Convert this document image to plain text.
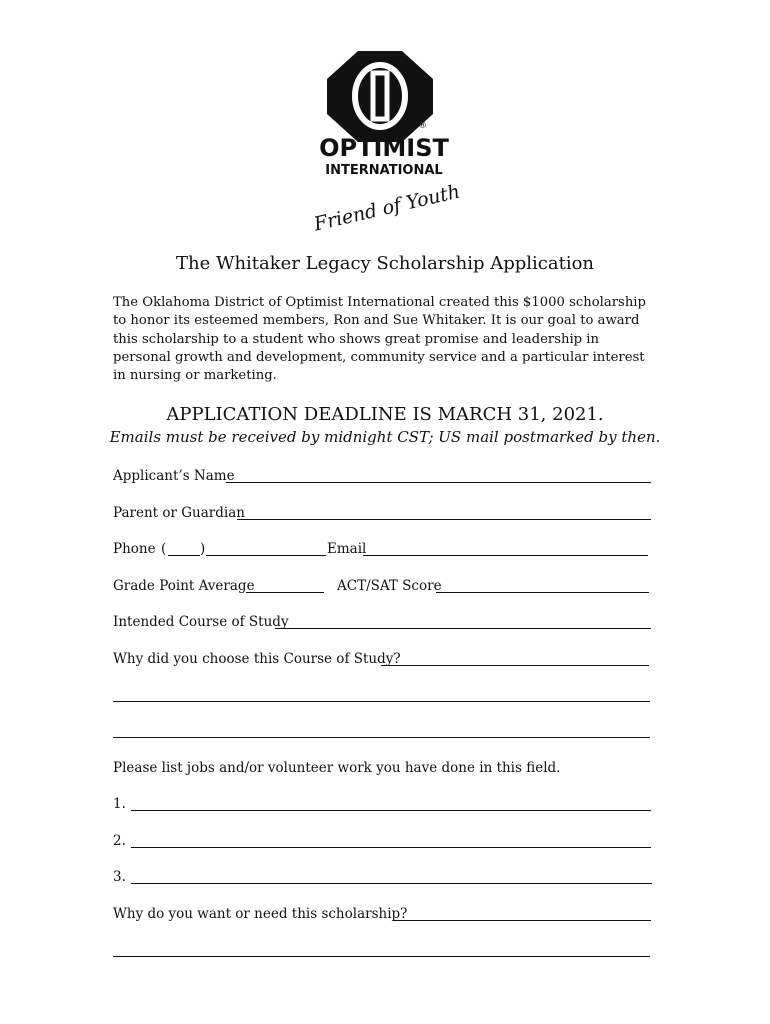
®
OPTIMIST
INTERNATIONAL
Friend of Youth
The Whitaker Legacy Scholarship Application
The Oklahoma District of Optimist International created this $1000 scholarship to honor its esteemed members, Ron and Sue Whitaker. It is our goal to award this scholarship to a student who shows great promise and leadership in personal growth and development, community service and a particular interest in nursing or marketing.
APPLICATION DEADLINE IS MARCH 31, 2021.
Emails must be received by midnight CST; US mail postmarked by then.
Applicant’s Name
Parent or Guardian
Phone ( )	Email
Grade Point Average	ACT/SAT Score
Intended Course of Study
Why did you choose this Course of Study?
Please list jobs and/or volunteer work you have done in this field.
1.
2.
3.
Why do you want or need this scholarship?
